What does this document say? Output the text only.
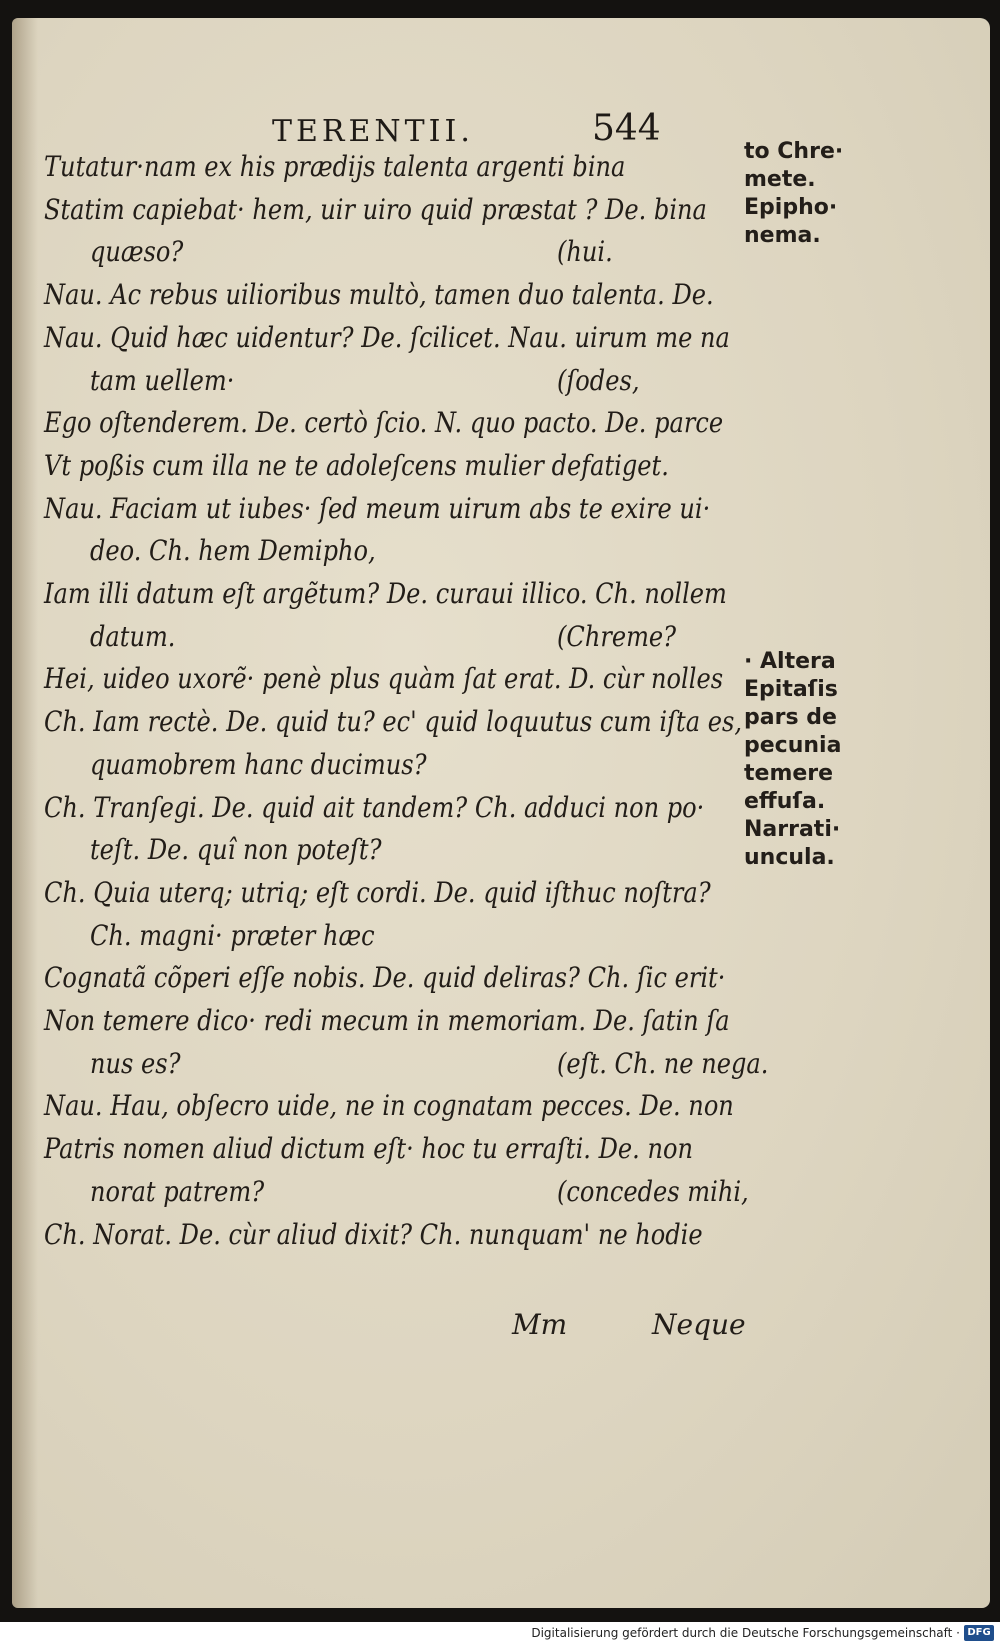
TERENTII.	544
Tutatur·nam ex his prædijs talenta argenti bina
Statim capiebat· hem, uir uiro quid præstat ? De. bina
quæso?	(hui.
Nau. Ac rebus uilioribus multò, tamen duo talenta. De.
Nau. Quid hæc uidentur? De. ſcilicet. Nau. uirum me na
tam uellem·	(ſodes,
Ego oſtenderem. De. certò ſcio. N. quo pacto. De. parce
Vt poßis cum illa ne te adoleſcens mulier defatiget.
Nau. Faciam ut iubes· ſed meum uirum abs te exire ui·
deo. Ch. hem Demipho,
Iam illi datum eſt argẽtum? De. curaui illico. Ch. nollem
datum.	(Chreme?
Hei, uideo uxorẽ· penè plus quàm ſat erat. D. cùr nolles
Ch. Iam rectè. De. quid tu? ec' quid loquutus cum iſta es,
quamobrem hanc ducimus?
Ch. Tranſegi. De. quid ait tandem? Ch. adduci non po·
teſt. De. quî non poteſt?
Ch. Quia uterq; utriq; eſt cordi. De. quid iſthuc noſtra?
Ch. magni· præter hæc
Cognatã cõperi eſſe nobis. De. quid deliras? Ch. ſic erit·
Non temere dico· redi mecum in memoriam. De. ſatin ſa
nus es?	(eſt. Ch. ne nega.
Nau. Hau, obſecro uide, ne in cognatam pecces. De. non
Patris nomen aliud dictum eſt· hoc tu erraſti. De. non
norat patrem?	(concedes mihi,
Ch. Norat. De. cùr aliud dixit? Ch. nunquam' ne hodie
to Chre·
mete.
Epipho·
nema.
· Altera
Epitaſis
pars de
pecunia
temere
effuſa.
Narrati·
uncula.
Mm	Neque
Digitalisierung gefördert durch die Deutsche Forschungsgemeinschaft · DFG
